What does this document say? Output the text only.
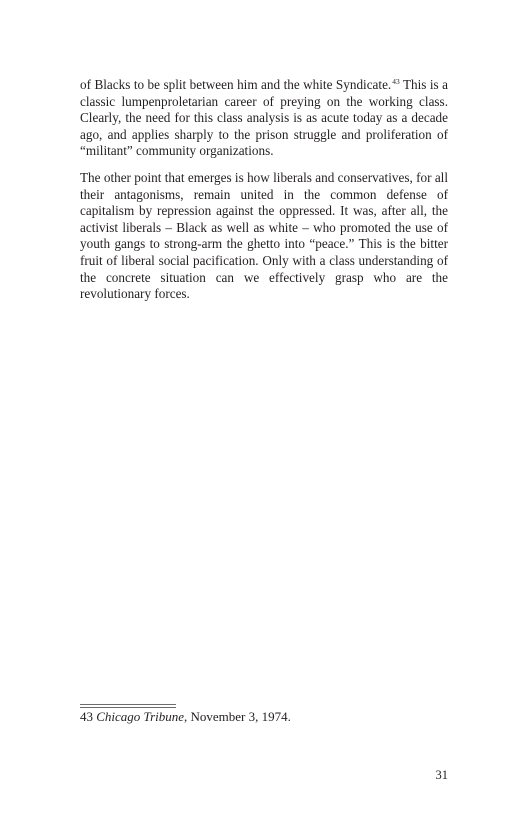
of Blacks to be split between him and the white Syndicate.$^{43}$ This is a classic lumpenproletarian career of preying on the working class. Clearly, the need for this class analysis is as acute today as a decade ago, and applies sharply to the prison struggle and proliferation of “militant” community organizations.

The other point that emerges is how liberals and conservatives, for all their antagonisms, remain united in the common defense of capitalism by repression against the oppressed. It was, after all, the activist liberals – Black as well as white – who promoted the use of youth gangs to strong-arm the ghetto into “peace.” This is the bitter fruit of liberal social pacification. Only with a class understanding of the concrete situation can we effectively grasp who are the revolutionary forces.

43 Chicago Tribune, November 3, 1974.
31
